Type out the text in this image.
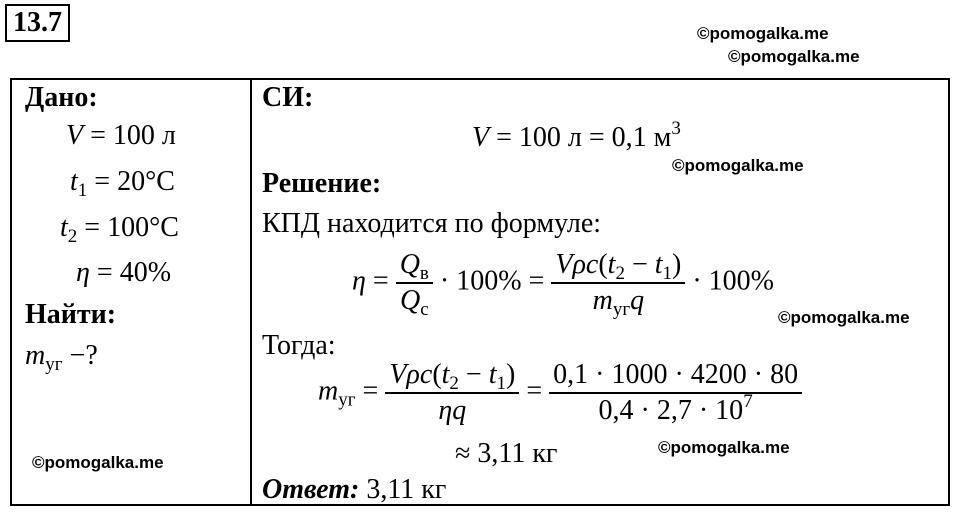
13.7	©pomogalka.me
©pomogalka.me
©pomogalka.me
©pomogalka.me
©pomogalka.me
©pomogalka.me
Дано:
V = 100 л
$t_1 = 20^\circ C$
$t_2 = 100^\circ C$
η = 40%
Найти:
$m_{уг}$ −?
СИ:
V = 100 л = 0,1 $м^3$
Решение:
КПД находится по формуле:
$\eta = \frac{Q_в}{Q_с} \cdot 100\% = \frac{V\rho c(t_2 - t_1)}{m_{уг}q} \cdot 100\%$
Тогда:
$m_{уг} = \frac{V\rho c(t_2 - t_1)}{\eta q} = \frac{0,1 \cdot 1000 \cdot 4200 \cdot 80}{0,4 \cdot 2,7 \cdot 10^7}$
≈ 3,11 кг
Ответ: 3,11 кг
